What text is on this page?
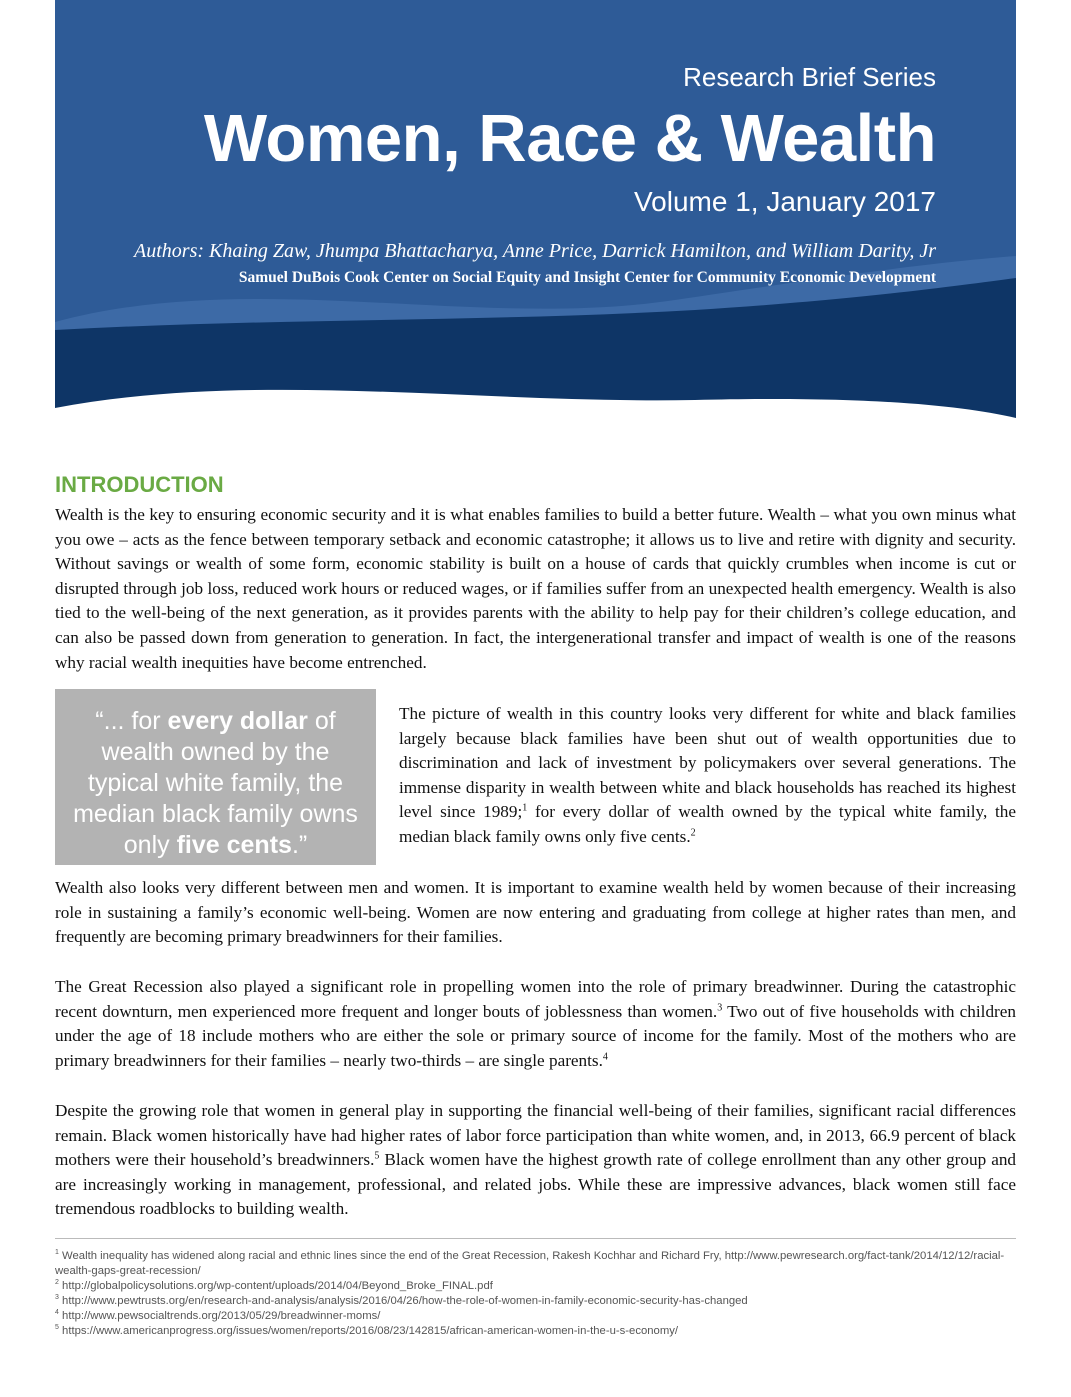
Research Brief Series
Women, Race & Wealth
Volume 1, January 2017
Authors: Khaing Zaw, Jhumpa Bhattacharya, Anne Price, Darrick Hamilton, and William Darity, Jr
Samuel DuBois Cook Center on Social Equity and Insight Center for Community Economic Development
INTRODUCTION

Wealth is the key to ensuring economic security and it is what enables families to build a better future. Wealth – what you own minus what you owe – acts as the fence between temporary setback and economic catastrophe; it allows us to live and retire with dignity and security. Without savings or wealth of some form, economic stability is built on a house of cards that quickly crumbles when income is cut or disrupted through job loss, reduced work hours or reduced wages, or if families suffer from an unexpected health emergency. Wealth is also tied to the well-being of the next generation, as it provides parents with the ability to help pay for their children’s college education, and can also be passed down from generation to generation. In fact, the intergenerational transfer and impact of wealth is one of the reasons why racial wealth inequities have become entrenched.

“... for every dollar of wealth owned by the typical white family, the median black family owns only five cents.”

The picture of wealth in this country looks very different for white and black families largely because black families have been shut out of wealth opportunities due to discrimination and lack of investment by policymakers over several generations. The immense disparity in wealth between white and black households has reached its highest level since 1989;$^1$ for every dollar of wealth owned by the typical white family, the median black family owns only five cents.$^2$

Wealth also looks very different between men and women. It is important to examine wealth held by women because of their increasing role in sustaining a family’s economic well-being. Women are now entering and graduating from college at higher rates than men, and frequently are becoming primary breadwinners for their families.

The Great Recession also played a significant role in propelling women into the role of primary breadwinner. During the catastrophic recent downturn, men experienced more frequent and longer bouts of joblessness than women.$^3$ Two out of five households with children under the age of 18 include mothers who are either the sole or primary source of income for the family. Most of the mothers who are primary breadwinners for their families – nearly two-thirds – are single parents.$^4$

Despite the growing role that women in general play in supporting the financial well-being of their families, significant racial differences remain. Black women historically have had higher rates of labor force participation than white women, and, in 2013, 66.9 percent of black mothers were their household’s breadwinners.$^5$ Black women have the highest growth rate of college enrollment than any other group and are increasingly working in management, professional, and related jobs. While these are impressive advances, black women still face tremendous roadblocks to building wealth.

$^1$ Wealth inequality has widened along racial and ethnic lines since the end of the Great Recession, Rakesh Kochhar and Richard Fry, http://www.pewresearch.org/fact-tank/2014/12/12/racial-wealth-gaps-great-recession/

$^2$ http://globalpolicysolutions.org/wp-content/uploads/2014/04/Beyond_Broke_FINAL.pdf

$^3$ http://www.pewtrusts.org/en/research-and-analysis/analysis/2016/04/26/how-the-role-of-women-in-family-economic-security-has-changed

$^4$ http://www.pewsocialtrends.org/2013/05/29/breadwinner-moms/

$^5$ https://www.americanprogress.org/issues/women/reports/2016/08/23/142815/african-american-women-in-the-u-s-economy/
